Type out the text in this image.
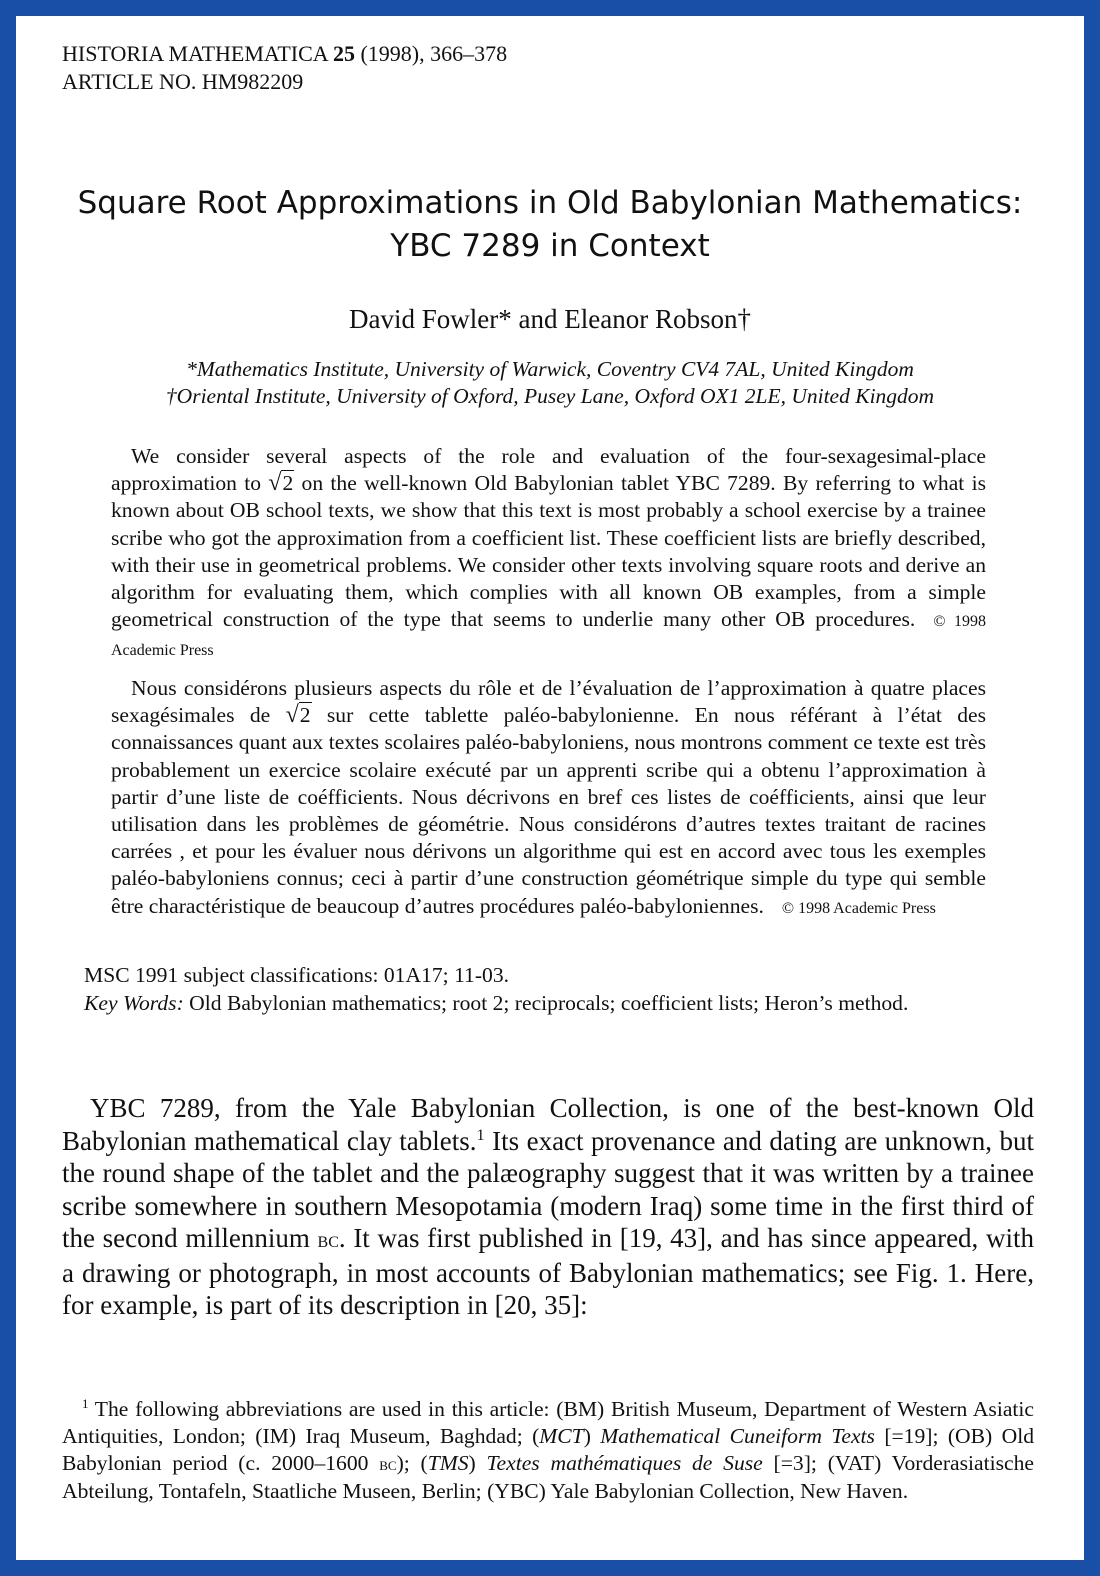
HISTORIA MATHEMATICA 25 (1998), 366–378
ARTICLE NO. HM982209
Square Root Approximations in Old Babylonian Mathematics:
YBC 7289 in Context
David Fowler* and Eleanor Robson†
*Mathematics Institute, University of Warwick, Coventry CV4 7AL, United Kingdom
†Oriental Institute, University of Oxford, Pusey Lane, Oxford OX1 2LE, United Kingdom

We consider several aspects of the role and evaluation of the four-sexagesimal-place approximation to √2 on the well-known Old Babylonian tablet YBC 7289. By referring to what is known about OB school texts, we show that this text is most probably a school exercise by a trainee scribe who got the approximation from a coefficient list. These coefficient lists are briefly described, with their use in geometrical problems. We consider other texts involving square roots and derive an algorithm for evaluating them, which complies with all known OB examples, from a simple geometrical construction of the type that seems to underlie many other OB procedures. © 1998 Academic Press

Nous considérons plusieurs aspects du rôle et de l’évaluation de l’approximation à quatre places sexagésimales de √2 sur cette tablette paléo-babylonienne. En nous référant à l’état des connaissances quant aux textes scolaires paléo-babyloniens, nous montrons comment ce texte est très probablement un exercice scolaire exécuté par un apprenti scribe qui a obtenu l’approximation à partir d’une liste de coéfficients. Nous décrivons en bref ces listes de coéfficients, ainsi que leur utilisation dans les problèmes de géométrie. Nous considérons d’autres textes traitant de racines carrées , et pour les évaluer nous dérivons un algorithme qui est en accord avec tous les exemples paléo-babyloniens connus; ceci à partir d’une construction géométrique simple du type qui semble être charactéristique de beaucoup d’autres procédures paléo-babyloniennes. © 1998 Academic Press

MSC 1991 subject classifications: 01A17; 11-03.
Key Words: Old Babylonian mathematics; root 2; reciprocals; coefficient lists; Heron’s method.

YBC 7289, from the Yale Babylonian Collection, is one of the best-known Old Babylonian mathematical clay tablets.$^1$ Its exact provenance and dating are unknown, but the round shape of the tablet and the palæography suggest that it was written by a trainee scribe somewhere in southern Mesopotamia (modern Iraq) some time in the first third of the second millennium bc. It was first published in [19, 43], and has since appeared, with a drawing or photograph, in most accounts of Babylonian mathematics; see Fig. 1. Here, for example, is part of its description in [20, 35]:

$^1$ The following abbreviations are used in this article: (BM) British Museum, Department of Western Asiatic Antiquities, London; (IM) Iraq Museum, Baghdad; (MCT) Mathematical Cuneiform Texts [=19]; (OB) Old Babylonian period (c. 2000–1600 bc); (TMS) Textes mathématiques de Suse [=3]; (VAT) Vorderasiatische Abteilung, Tontafeln, Staatliche Museen, Berlin; (YBC) Yale Babylonian Collection, New Haven.
